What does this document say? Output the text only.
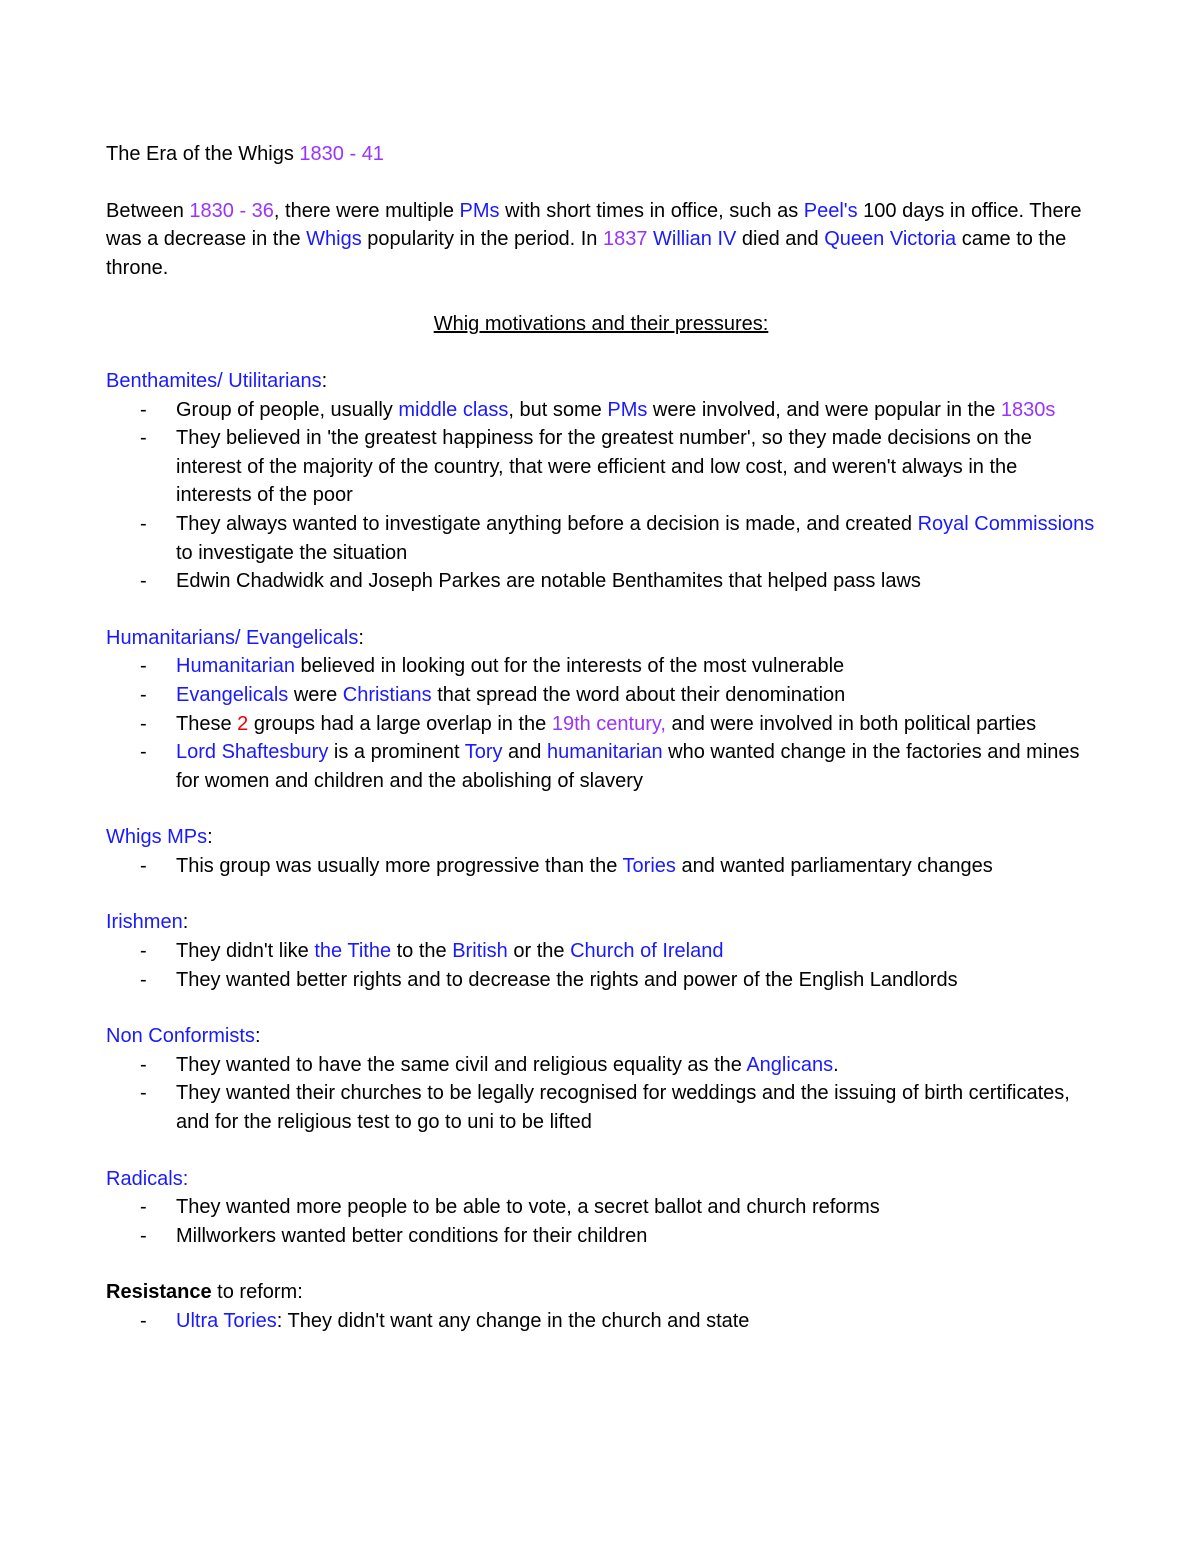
The Era of the Whigs 1830 - 41

Between 1830 - 36, there were multiple PMs with short times in office, such as Peel's 100 days in office. There was a decrease in the Whigs popularity in the period. In 1837 Willian IV died and Queen Victoria came to the throne.

Whig motivations and their pressures:

Benthamites/ Utilitarians:

- Group of people, usually middle class, but some PMs were involved, and were popular in the 1830s
- They believed in 'the greatest happiness for the greatest number', so they made decisions on the interest of the majority of the country, that were efficient and low cost, and weren't always in the interests of the poor
- They always wanted to investigate anything before a decision is made, and created Royal Commissions to investigate the situation
- Edwin Chadwidk and Joseph Parkes are notable Benthamites that helped pass laws

Humanitarians/ Evangelicals:

- Humanitarian believed in looking out for the interests of the most vulnerable
- Evangelicals were Christians that spread the word about their denomination
- These 2 groups had a large overlap in the 19th century, and were involved in both political parties
- Lord Shaftesbury is a prominent Tory and humanitarian who wanted change in the factories and mines for women and children and the abolishing of slavery

Whigs MPs:

- This group was usually more progressive than the Tories and wanted parliamentary changes

Irishmen:

- They didn't like the Tithe to the British or the Church of Ireland
- They wanted better rights and to decrease the rights and power of the English Landlords

Non Conformists:

- They wanted to have the same civil and religious equality as the Anglicans.
- They wanted their churches to be legally recognised for weddings and the issuing of birth certificates, and for the religious test to go to uni to be lifted

Radicals:

- They wanted more people to be able to vote, a secret ballot and church reforms
- Millworkers wanted better conditions for their children

Resistance to reform:

- Ultra Tories: They didn't want any change in the church and state
